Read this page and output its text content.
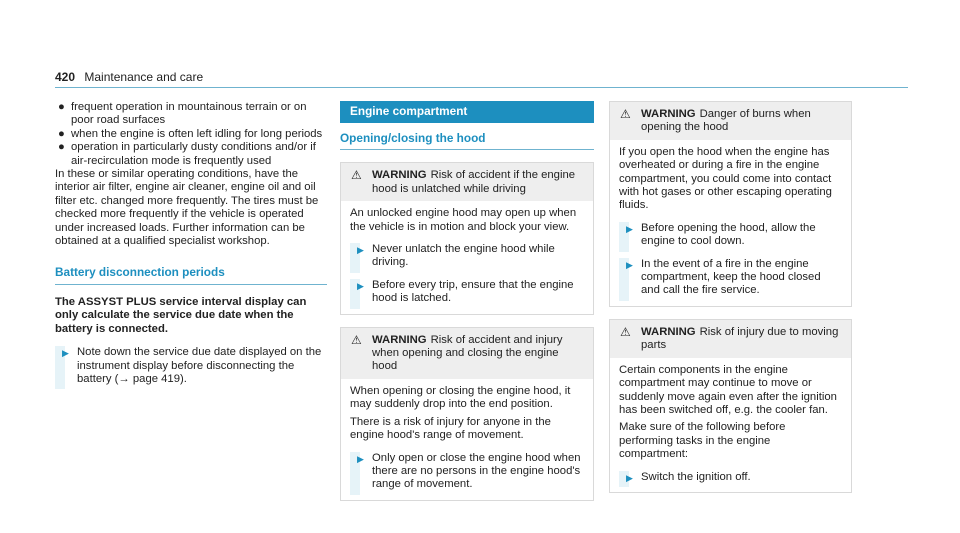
420 Maintenance and care
● frequent operation in mountainous terrain or on poor road surfaces
● when the engine is often left idling for long periods
● operation in particularly dusty conditions and/or if air-recirculation mode is frequently used

In these or similar operating conditions, have the interior air filter, engine air cleaner, engine oil and oil filter etc. changed more frequently. The tires must be checked more frequently if the vehicle is operated under increased loads. Further information can be obtained at a qualified specialist workshop.

Battery disconnection periods

The ASSYST PLUS service interval display can only calculate the service due date when the battery is connected.

▶ Note down the service due date displayed on the instrument display before disconnecting the battery (→ page 419).
Engine compartment
Opening/closing the hood
⚠ WARNING Risk of accident if the engine hood is unlatched while driving

An unlocked engine hood may open up when the vehicle is in motion and block your view.

▶ Never unlatch the engine hood while driving.
▶ Before every trip, ensure that the engine hood is latched.
⚠ WARNING Risk of accident and injury when opening and closing the engine hood

When opening or closing the engine hood, it may suddenly drop into the end position.

There is a risk of injury for anyone in the engine hood's range of movement.

▶ Only open or close the engine hood when there are no persons in the engine hood's range of movement.
⚠ WARNING Danger of burns when opening the hood

If you open the hood when the engine has overheated or during a fire in the engine compartment, you could come into contact with hot gases or other escaping operating fluids.

▶ Before opening the hood, allow the engine to cool down.
▶ In the event of a fire in the engine compartment, keep the hood closed and call the fire service.
⚠ WARNING Risk of injury due to moving parts

Certain components in the engine compartment may continue to move or suddenly move again even after the ignition has been switched off, e.g. the cooler fan.

Make sure of the following before performing tasks in the engine compartment:

▶ Switch the ignition off.
